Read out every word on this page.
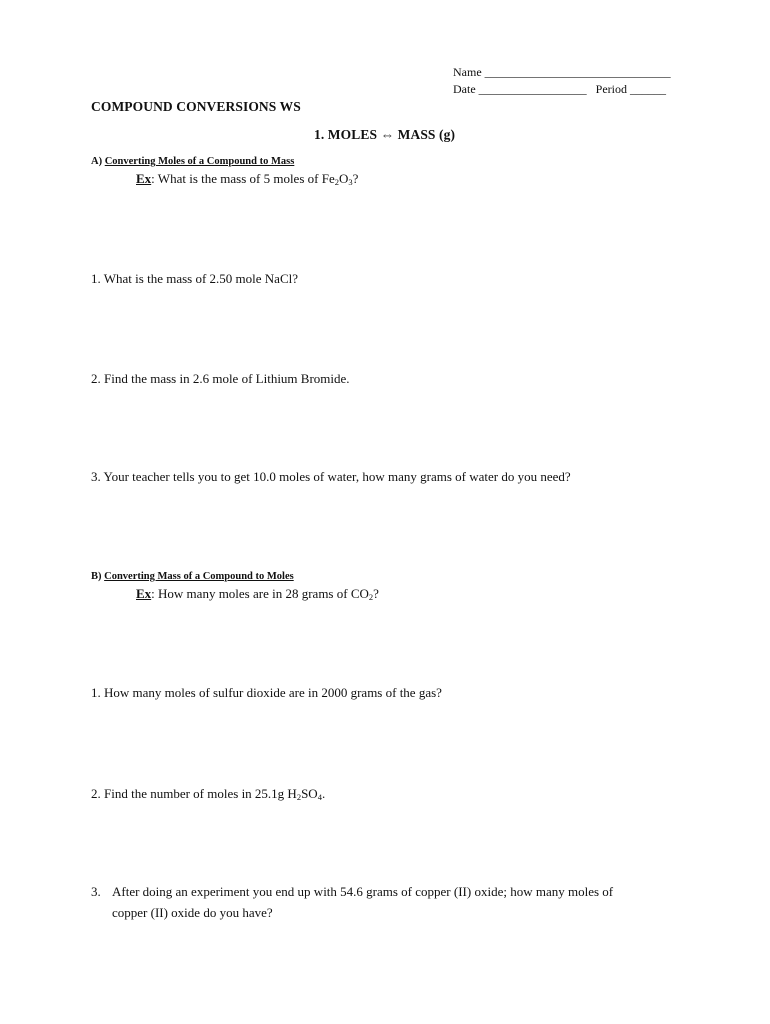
Name _______________________________
Date __________________ Period ______
COMPOUND CONVERSIONS WS
1. MOLES ⇔ MASS (g)
A) Converting Moles of a Compound to Mass
Ex: What is the mass of 5 moles of $Fe_2O_3$?
1. What is the mass of 2.50 mole NaCl?
2. Find the mass in 2.6 mole of Lithium Bromide.
3. Your teacher tells you to get 10.0 moles of water, how many grams of water do you need?
B) Converting Mass of a Compound to Moles
Ex: How many moles are in 28 grams of $CO_2$?
1. How many moles of sulfur dioxide are in 2000 grams of the gas?
2. Find the number of moles in 25.1g $H_2SO_4$.
3. After doing an experiment you end up with 54.6 grams of copper (II) oxide; how many moles of
copper (II) oxide do you have?
